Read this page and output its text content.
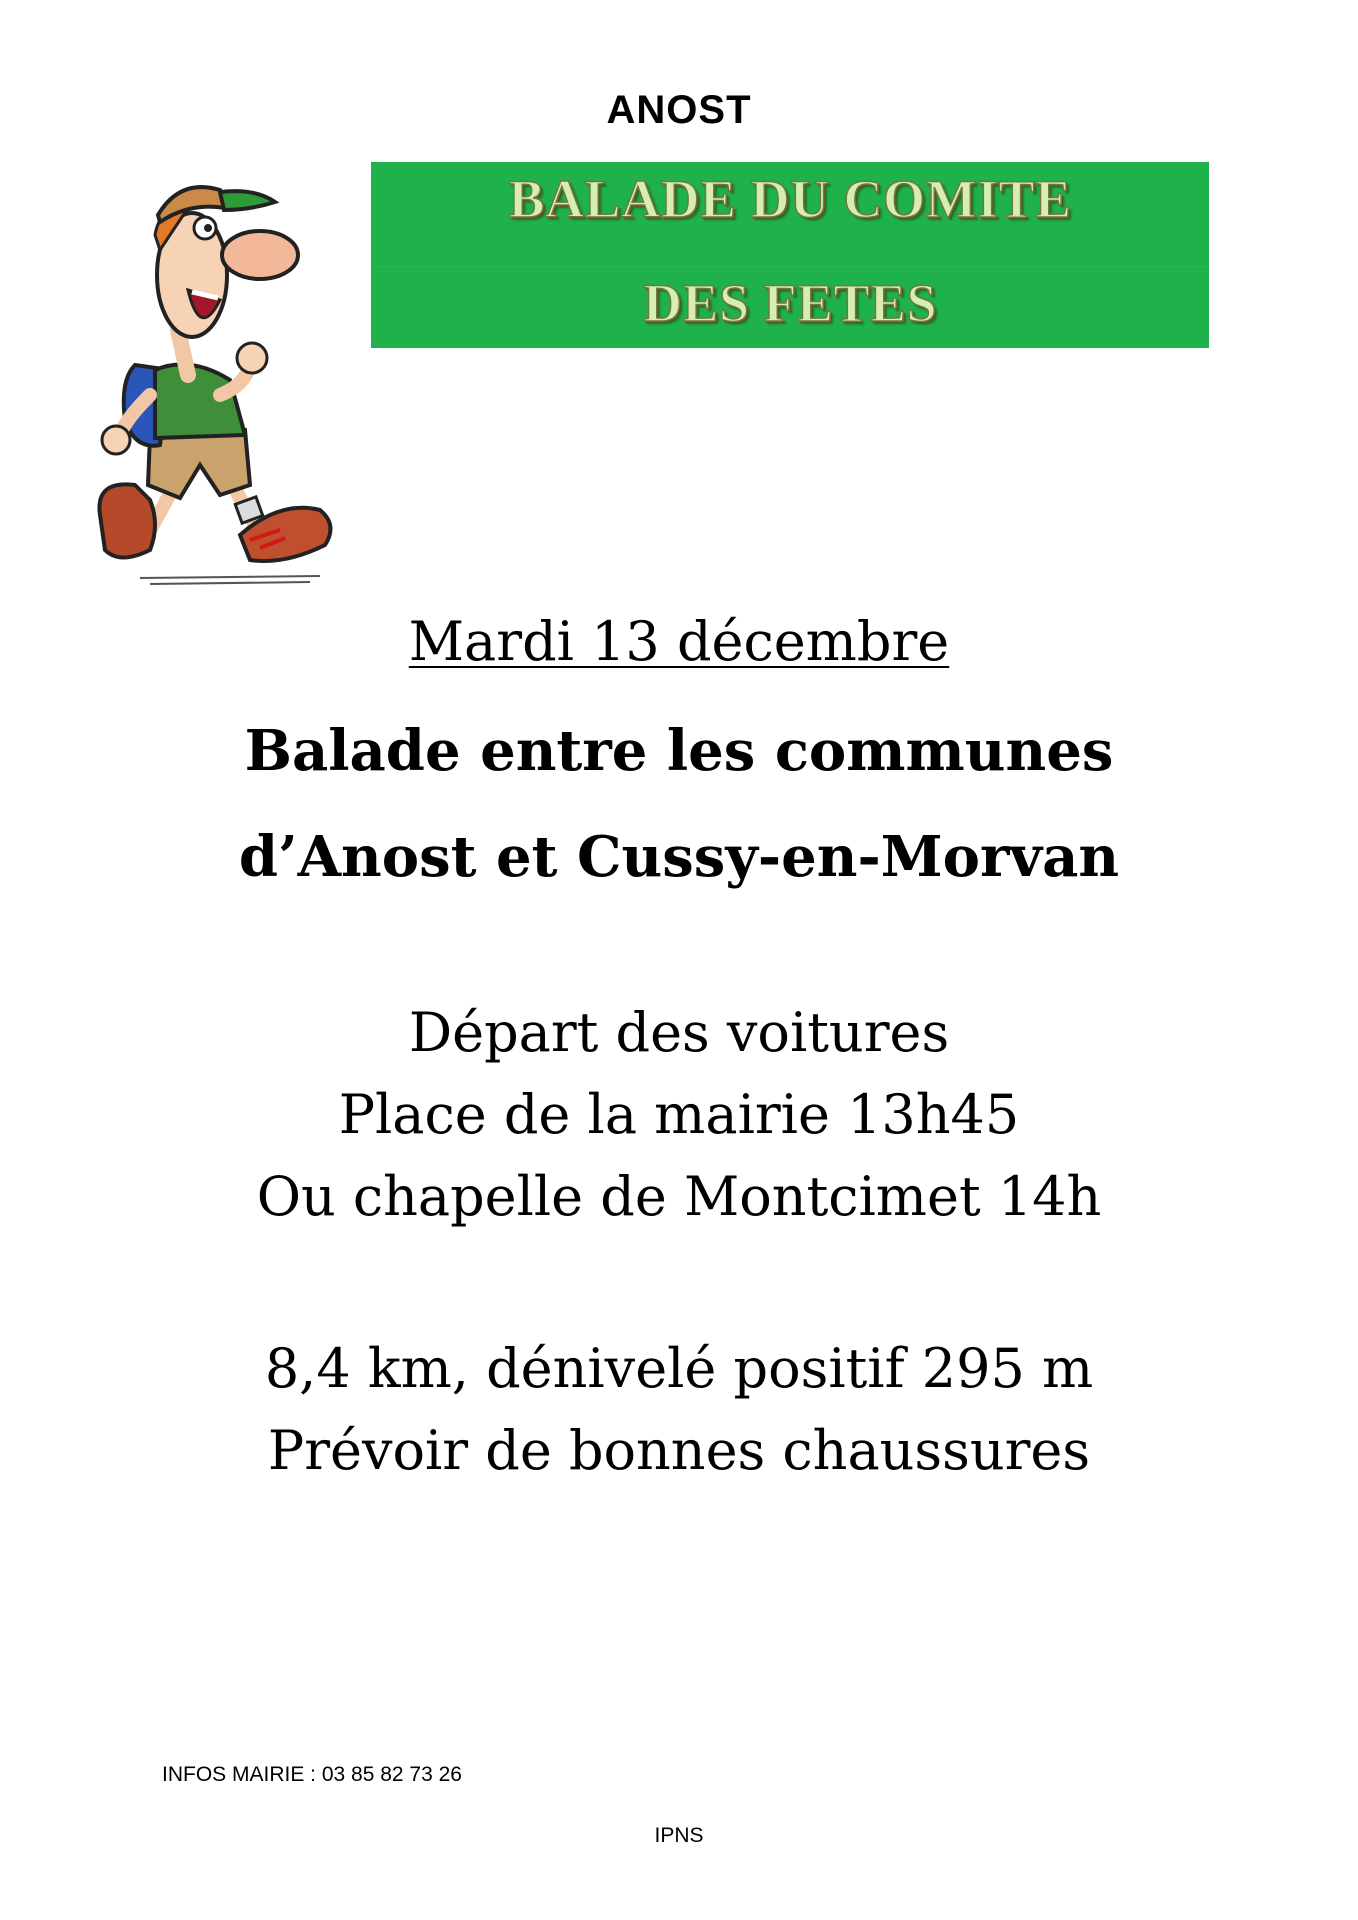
ANOST
BALADE DU COMITE
DES FETES
Mardi 13 décembre
Balade entre les communes
d’Anost et Cussy-en-Morvan
Départ des voitures
Place de la mairie 13h45
Ou chapelle de Montcimet 14h
8,4 km, dénivelé positif 295 m
Prévoir de bonnes chaussures
INFOS MAIRIE : 03 85 82 73 26
IPNS
